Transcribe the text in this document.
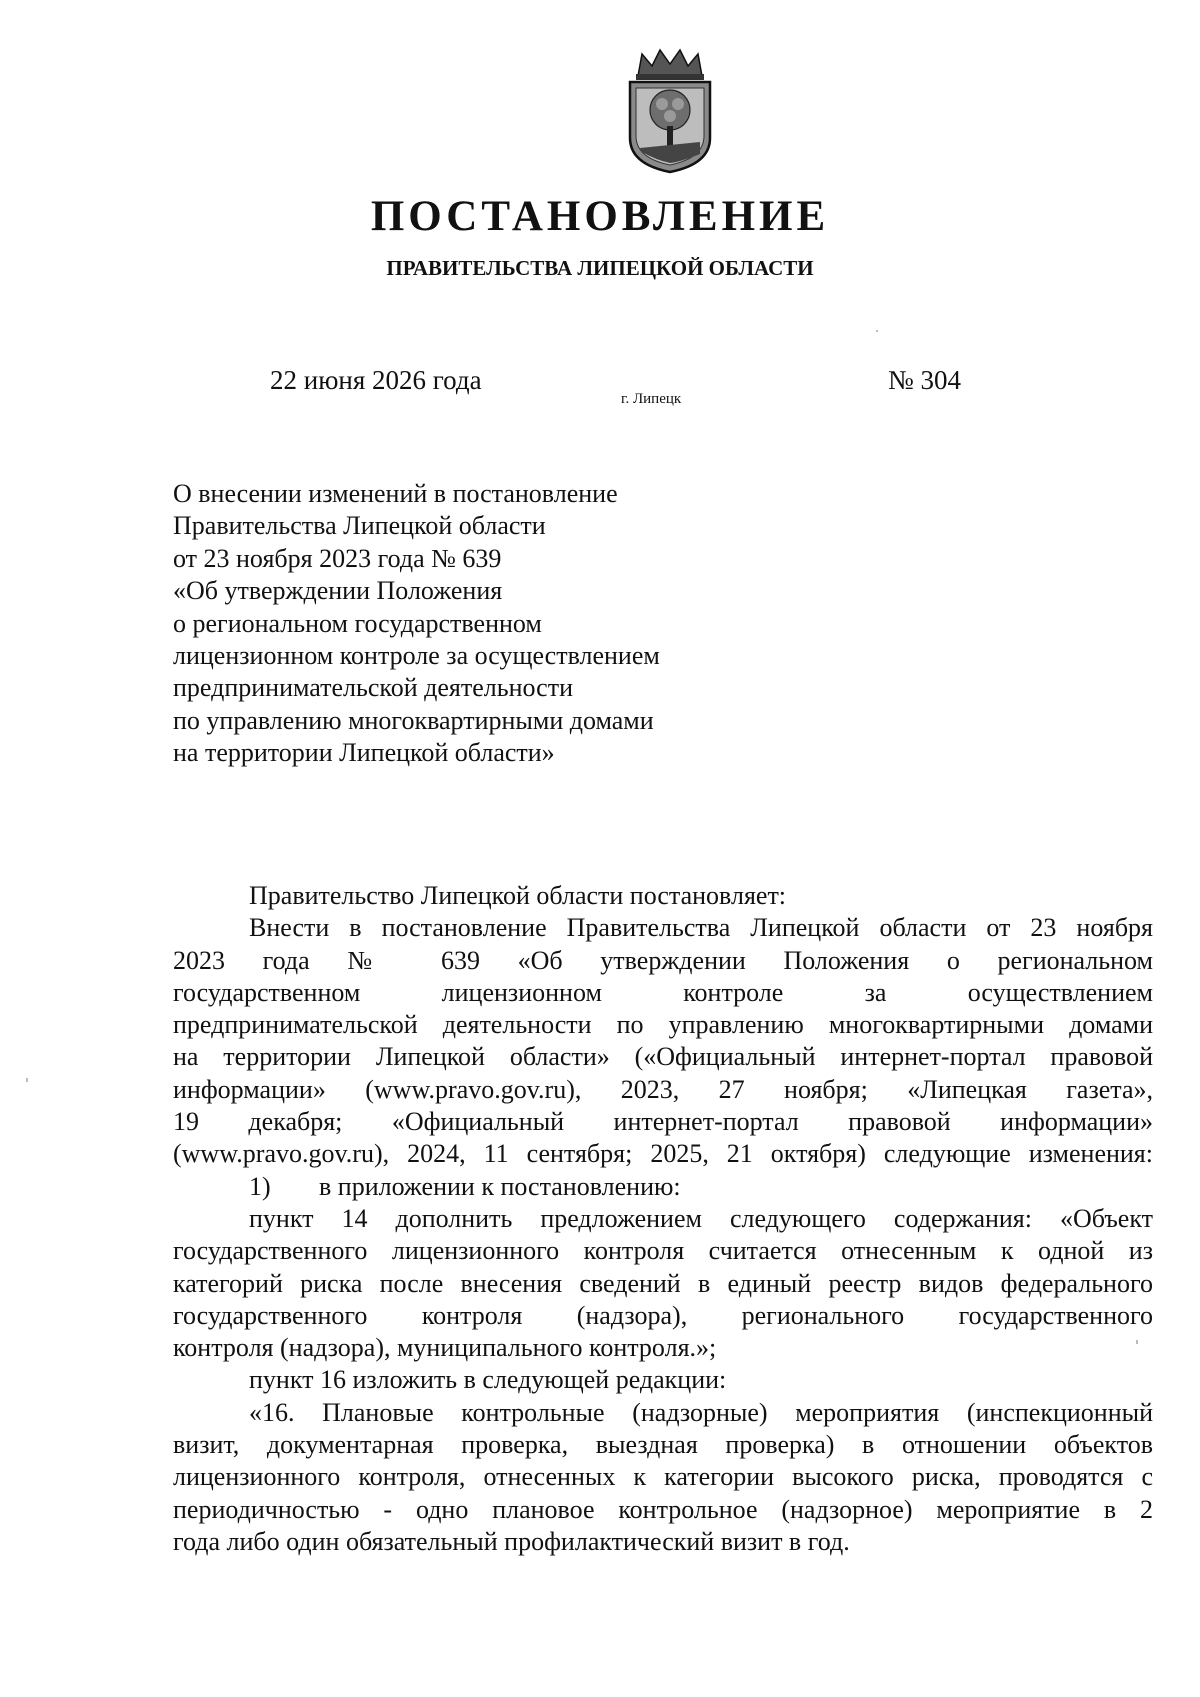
ПОСТАНОВЛЕНИЕ
ПРАВИТЕЛЬСТВА ЛИПЕЦКОЙ ОБЛАСТИ
22 июня 2026 года
г. Липецк
№ 304
О внесении изменений в постановление
Правительства Липецкой области
от 23 ноября 2023 года № 639
«Об утверждении Положения
о региональном государственном
лицензионном контроле за осуществлением
предпринимательской деятельности
по управлению многоквартирными домами
на территории Липецкой области»
Правительство Липецкой области постановляет:
Внести в постановление Правительства Липецкой области от 23 ноября
2023 года № 639 «Об утверждении Положения о региональном
государственном лицензионном контроле за осуществлением
предпринимательской деятельности по управлению многоквартирными домами
на территории Липецкой области» («Официальный интернет-портал правовой
информации» (www.pravo.gov.ru), 2023, 27 ноября; «Липецкая газета»,
19 декабря; «Официальный интернет-портал правовой информации»
(www.pravo.gov.ru), 2024, 11 сентября; 2025, 21 октября) следующие изменения:
1) в приложении к постановлению:
пункт 14 дополнить предложением следующего содержания: «Объект
государственного лицензионного контроля считается отнесенным к одной из
категорий риска после внесения сведений в единый реестр видов федерального
государственного контроля (надзора), регионального государственного
контроля (надзора), муниципального контроля.»;
пункт 16 изложить в следующей редакции:
«16. Плановые контрольные (надзорные) мероприятия (инспекционный
визит, документарная проверка, выездная проверка) в отношении объектов
лицензионного контроля, отнесенных к категории высокого риска, проводятся с
периодичностью - одно плановое контрольное (надзорное) мероприятие в 2
года либо один обязательный профилактический визит в год.
